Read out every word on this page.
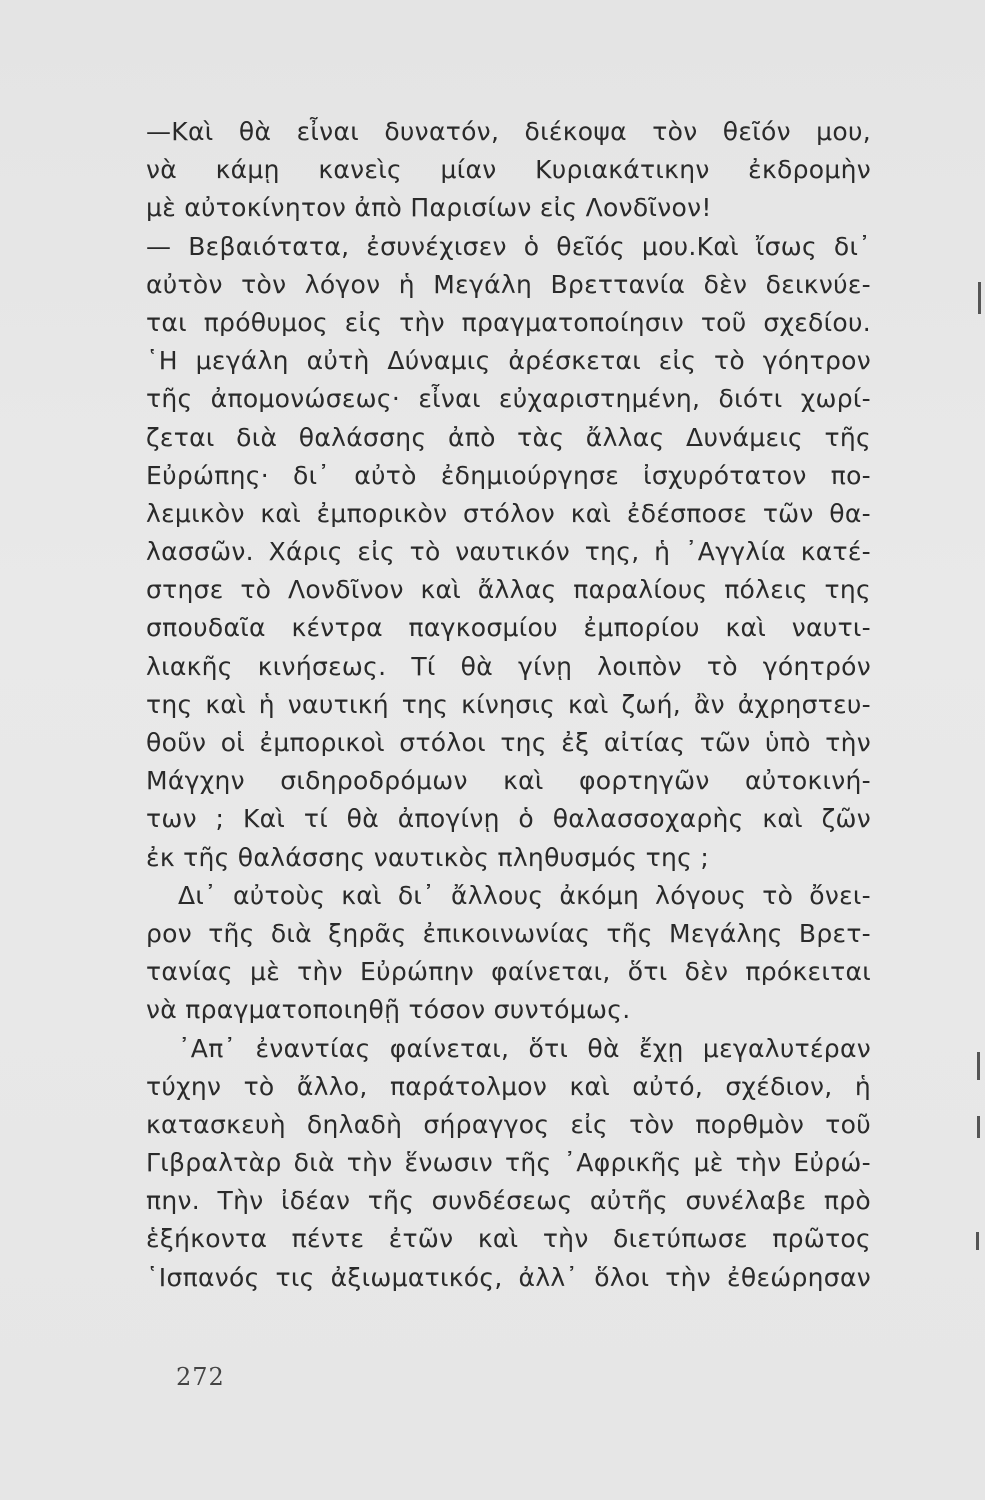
—Καὶ θὰ εἶναι δυνατόν, διέκοψα τὸν θεῖόν μου,
νὰ κάμῃ κανεὶς μίαν Κυριακάτικην ἐκδρομὴν
μὲ αὐτοκίνητον ἀπὸ Παρισίων εἰς Λονδῖνον!
— Βεβαιότατα, ἐσυνέχισεν ὁ θεῖός μου.Καὶ ἴσως δι᾽
αὐτὸν τὸν λόγον ἡ Μεγάλη Βρεττανία δὲν δεικνύε-
ται πρόθυμος εἰς τὴν πραγματοποίησιν τοῦ σχεδίου.
῾Η μεγάλη αὐτὴ Δύναμις ἀρέσκεται εἰς τὸ γόητρον
τῆς ἀπομονώσεως· εἶναι εὐχαριστημένη, διότι χωρί-
ζεται διὰ θαλάσσης ἀπὸ τὰς ἄλλας Δυνάμεις τῆς
Εὐρώπης· δι᾽ αὐτὸ ἐδημιούργησε ἰσχυρότατον πο-
λεμικὸν καὶ ἐμπορικὸν στόλον καὶ ἐδέσποσε τῶν θα-
λασσῶν. Χάρις εἰς τὸ ναυτικόν της, ἡ ᾽Αγγλία κατέ-
στησε τὸ Λονδῖνον καὶ ἄλλας παραλίους πόλεις της
σπουδαῖα κέντρα παγκοσμίου ἐμπορίου καὶ ναυτι-
λιακῆς κινήσεως. Τί θὰ γίνῃ λοιπὸν τὸ γόητρόν
της καὶ ἡ ναυτική της κίνησις καὶ ζωή, ἂν ἀχρηστευ-
θοῦν οἱ ἐμπορικοὶ στόλοι της ἐξ αἰτίας τῶν ὑπὸ τὴν
Μάγχην σιδηροδρόμων καὶ φορτηγῶν αὐτοκινή-
των ; Καὶ τί θὰ ἀπογίνῃ ὁ θαλασσοχαρὴς καὶ ζῶν
ἐκ τῆς θαλάσσης ναυτικὸς πληθυσμός της ;
Δι᾽ αὐτοὺς καὶ δι᾽ ἄλλους ἀκόμη λόγους τὸ ὄνει-
ρον τῆς διὰ ξηρᾶς ἐπικοινωνίας τῆς Μεγάλης Βρετ-
τανίας μὲ τὴν Εὐρώπην φαίνεται, ὅτι δὲν πρόκειται
νὰ πραγματοποιηθῇ τόσον συντόμως.
᾽Απ᾽ ἐναντίας φαίνεται, ὅτι θὰ ἔχῃ μεγαλυτέραν
τύχην τὸ ἄλλο, παράτολμον καὶ αὐτό, σχέδιον, ἡ
κατασκευὴ δηλαδὴ σήραγγος εἰς τὸν πορθμὸν τοῦ
Γιβραλτὰρ διὰ τὴν ἕνωσιν τῆς ᾽Αφρικῆς μὲ τὴν Εὐρώ-
πην. Τὴν ἰδέαν τῆς συνδέσεως αὐτῆς συνέλαβε πρὸ
ἑξήκοντα πέντε ἐτῶν καὶ τὴν διετύπωσε πρῶτος
῾Ισπανός τις ἀξιωματικός, ἀλλ᾽ ὅλοι τὴν ἐθεώρησαν
272
